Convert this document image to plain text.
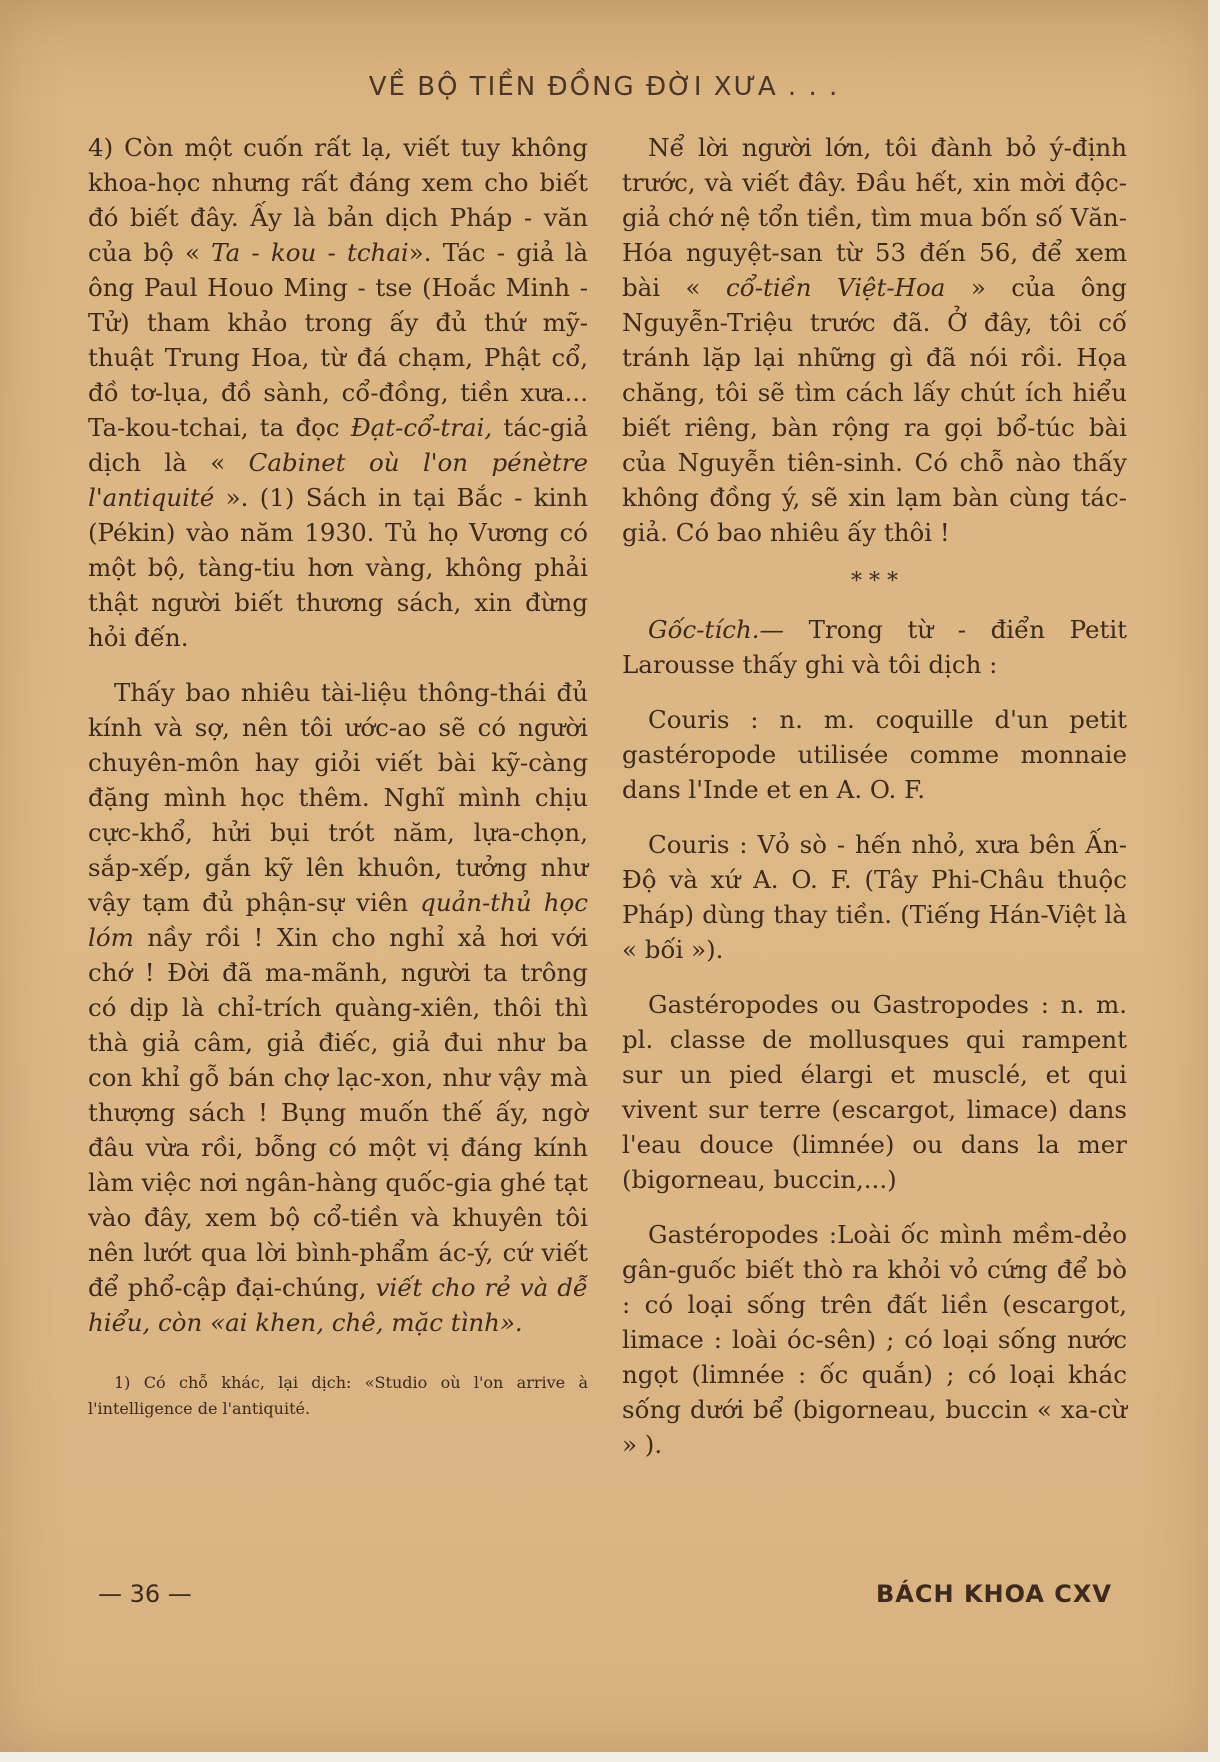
VỀ BỘ TIỀN ĐỒNG ĐỜI XƯA . . .

4) Còn một cuốn rất lạ, viết tuy không khoa-học nhưng rất đáng xem cho biết đó biết đây. Ấy là bản dịch Pháp - văn của bộ « Ta - kou - tchai». Tác - giả là ông Paul Houo Ming - tse (Hoắc Minh - Tử) tham khảo trong ấy đủ thứ mỹ-thuật Trung Hoa, từ đá chạm, Phật cổ, đồ tơ-lụa, đồ sành, cổ-đồng, tiền xưa... Ta-kou-tchai, ta đọc Đạt-cổ-trai, tác-giả dịch là « Cabinet où l'on pénètre l'antiquité ». (1) Sách in tại Bắc - kinh (Pékin) vào năm 1930. Tủ họ Vương có một bộ, tàng-tiu hơn vàng, không phải thật người biết thương sách, xin đừng hỏi đến.

Thấy bao nhiêu tài-liệu thông-thái đủ kính và sợ, nên tôi ước-ao sẽ có người chuyên-môn hay giỏi viết bài kỹ-càng đặng mình học thêm. Nghĩ mình chịu cực-khổ, hửi bụi trót năm, lựa-chọn, sắp-xếp, gắn kỹ lên khuôn, tưởng như vậy tạm đủ phận-sự viên quản-thủ học lóm nầy rồi ! Xin cho nghỉ xả hơi với chớ ! Đời đã ma-mãnh, người ta trông có dịp là chỉ-trích quàng-xiên, thôi thì thà giả câm, giả điếc, giả đui như ba con khỉ gỗ bán chợ lạc-xon, như vậy mà thượng sách ! Bụng muốn thế ấy, ngờ đâu vừa rồi, bỗng có một vị đáng kính làm việc nơi ngân-hàng quốc-gia ghé tạt vào đây, xem bộ cổ-tiền và khuyên tôi nên lướt qua lời bình-phẩm ác-ý, cứ viết để phổ-cập đại-chúng, viết cho rẻ và dễ hiểu, còn «ai khen, chê, mặc tình».

1) Có chỗ khác, lại dịch: «Studio où l'on arrive à l'intelligence de l'antiquité.

Nể lời người lớn, tôi đành bỏ ý-định trước, và viết đây. Đầu hết, xin mời độc-giả chớ nệ tổn tiền, tìm mua bốn số Văn-Hóa nguyệt-san từ 53 đến 56, để xem bài « cổ-tiền Việt-Hoa » của ông Nguyễn-Triệu trước đã. Ở đây, tôi cố tránh lặp lại những gì đã nói rồi. Họa chăng, tôi sẽ tìm cách lấy chút ích hiểu biết riêng, bàn rộng ra gọi bổ-túc bài của Nguyễn tiên-sinh. Có chỗ nào thấy không đồng ý, sẽ xin lạm bàn cùng tác-giả. Có bao nhiêu ấy thôi !

* * *

Gốc-tích.— Trong từ - điển Petit Larousse thấy ghi và tôi dịch :

Couris : n. m. coquille d'un petit gastéropode utilisée comme monnaie dans l'Inde et en A. O. F.

Couris : Vỏ sò - hến nhỏ, xưa bên Ấn-Độ và xứ A. O. F. (Tây Phi-Châu thuộc Pháp) dùng thay tiền. (Tiếng Hán-Việt là « bối »).

Gastéropodes ou Gastropodes : n. m. pl. classe de mollusques qui rampent sur un pied élargi et musclé, et qui vivent sur terre (escargot, limace) dans l'eau douce (limnée) ou dans la mer (bigorneau, buccin,...)

Gastéropodes :Loài ốc mình mềm-dẻo gân-guốc biết thò ra khỏi vỏ cứng để bò : có loại sống trên đất liền (escargot, limace : loài óc-sên) ; có loại sống nước ngọt (limnée : ốc quắn) ; có loại khác sống dưới bể (bigorneau, buccin « xa-cừ » ).

— 36 —	BÁCH KHOA CXV
